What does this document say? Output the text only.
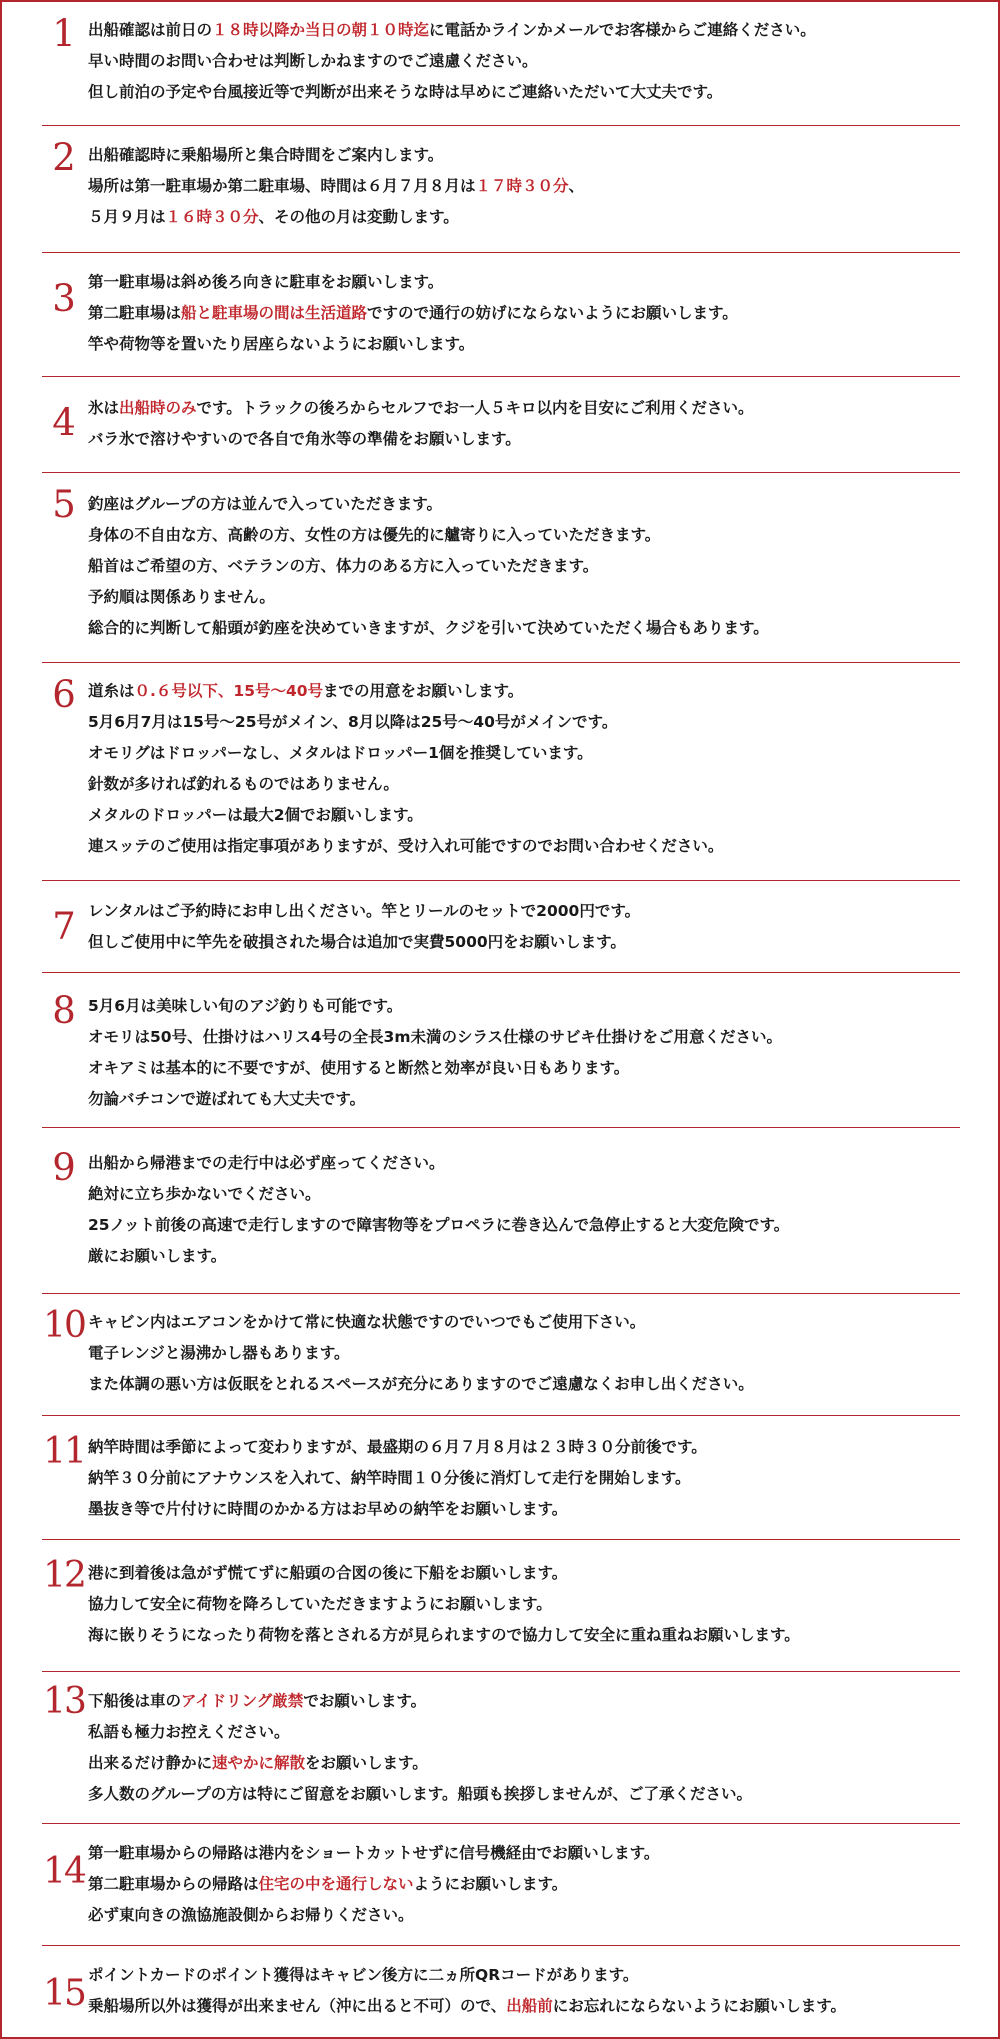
1 出船確認は前日の１８時以降か当日の朝１０時迄に電話かラインかメールでお客様からご連絡ください。
早い時間のお問い合わせは判断しかねますのでご遠慮ください。
但し前泊の予定や台風接近等で判断が出来そうな時は早めにご連絡いただいて大丈夫です。
2 出船確認時に乗船場所と集合時間をご案内します。
場所は第一駐車場か第二駐車場、時間は６月７月８月は１７時３０分、
５月９月は１６時３０分、その他の月は変動します。
3 第一駐車場は斜め後ろ向きに駐車をお願いします。
第二駐車場は船と駐車場の間は生活道路ですので通行の妨げにならないようにお願いします。
竿や荷物等を置いたり居座らないようにお願いします。
4 氷は出船時のみです。トラックの後ろからセルフでお一人５キロ以内を目安にご利用ください。
バラ氷で溶けやすいので各自で角氷等の準備をお願いします。
5 釣座はグループの方は並んで入っていただきます。
身体の不自由な方、高齢の方、女性の方は優先的に艫寄りに入っていただきます。
船首はご希望の方、ベテランの方、体力のある方に入っていただきます。
予約順は関係ありません。
総合的に判断して船頭が釣座を決めていきますが、クジを引いて決めていただく場合もあります。
6 道糸は０.６号以下、15号～40号までの用意をお願いします。
5月6月7月は15号～25号がメイン、8月以降は25号～40号がメインです。
オモリグはドロッパーなし、メタルはドロッパー1個を推奨しています。
針数が多ければ釣れるものではありません。
メタルのドロッパーは最大2個でお願いします。
連スッテのご使用は指定事項がありますが、受け入れ可能ですのでお問い合わせください。
7 レンタルはご予約時にお申し出ください。竿とリールのセットで2000円です。
但しご使用中に竿先を破損された場合は追加で実費5000円をお願いします。
8 5月6月は美味しい旬のアジ釣りも可能です。
オモリは50号、仕掛けはハリス4号の全長3m未満のシラス仕様のサビキ仕掛けをご用意ください。
オキアミは基本的に不要ですが、使用すると断然と効率が良い日もあります。
勿論バチコンで遊ばれても大丈夫です。
9 出船から帰港までの走行中は必ず座ってください。
絶対に立ち歩かないでください。
25ノット前後の高速で走行しますので障害物等をプロペラに巻き込んで急停止すると大変危険です。
厳にお願いします。
10 キャビン内はエアコンをかけて常に快適な状態ですのでいつでもご使用下さい。
電子レンジと湯沸かし器もあります。
また体調の悪い方は仮眠をとれるスペースが充分にありますのでご遠慮なくお申し出ください。
11 納竿時間は季節によって変わりますが、最盛期の６月７月８月は２３時３０分前後です。
納竿３０分前にアナウンスを入れて、納竿時間１０分後に消灯して走行を開始します。
墨抜き等で片付けに時間のかかる方はお早めの納竿をお願いします。
12 港に到着後は急がず慌てずに船頭の合図の後に下船をお願いします。
協力して安全に荷物を降ろしていただきますようにお願いします。
海に嵌りそうになったり荷物を落とされる方が見られますので協力して安全に重ね重ねお願いします。
13 下船後は車のアイドリング厳禁でお願いします。
私語も極力お控えください。
出来るだけ静かに速やかに解散をお願いします。
多人数のグループの方は特にご留意をお願いします。船頭も挨拶しませんが、ご了承ください。
14 第一駐車場からの帰路は港内をショートカットせずに信号機経由でお願いします。
第二駐車場からの帰路は住宅の中を通行しないようにお願いします。
必ず東向きの漁協施設側からお帰りください。
15 ポイントカードのポイント獲得はキャビン後方に二ヵ所QRコードがあります。
乗船場所以外は獲得が出来ません（沖に出ると不可）ので、出船前にお忘れにならないようにお願いします。
